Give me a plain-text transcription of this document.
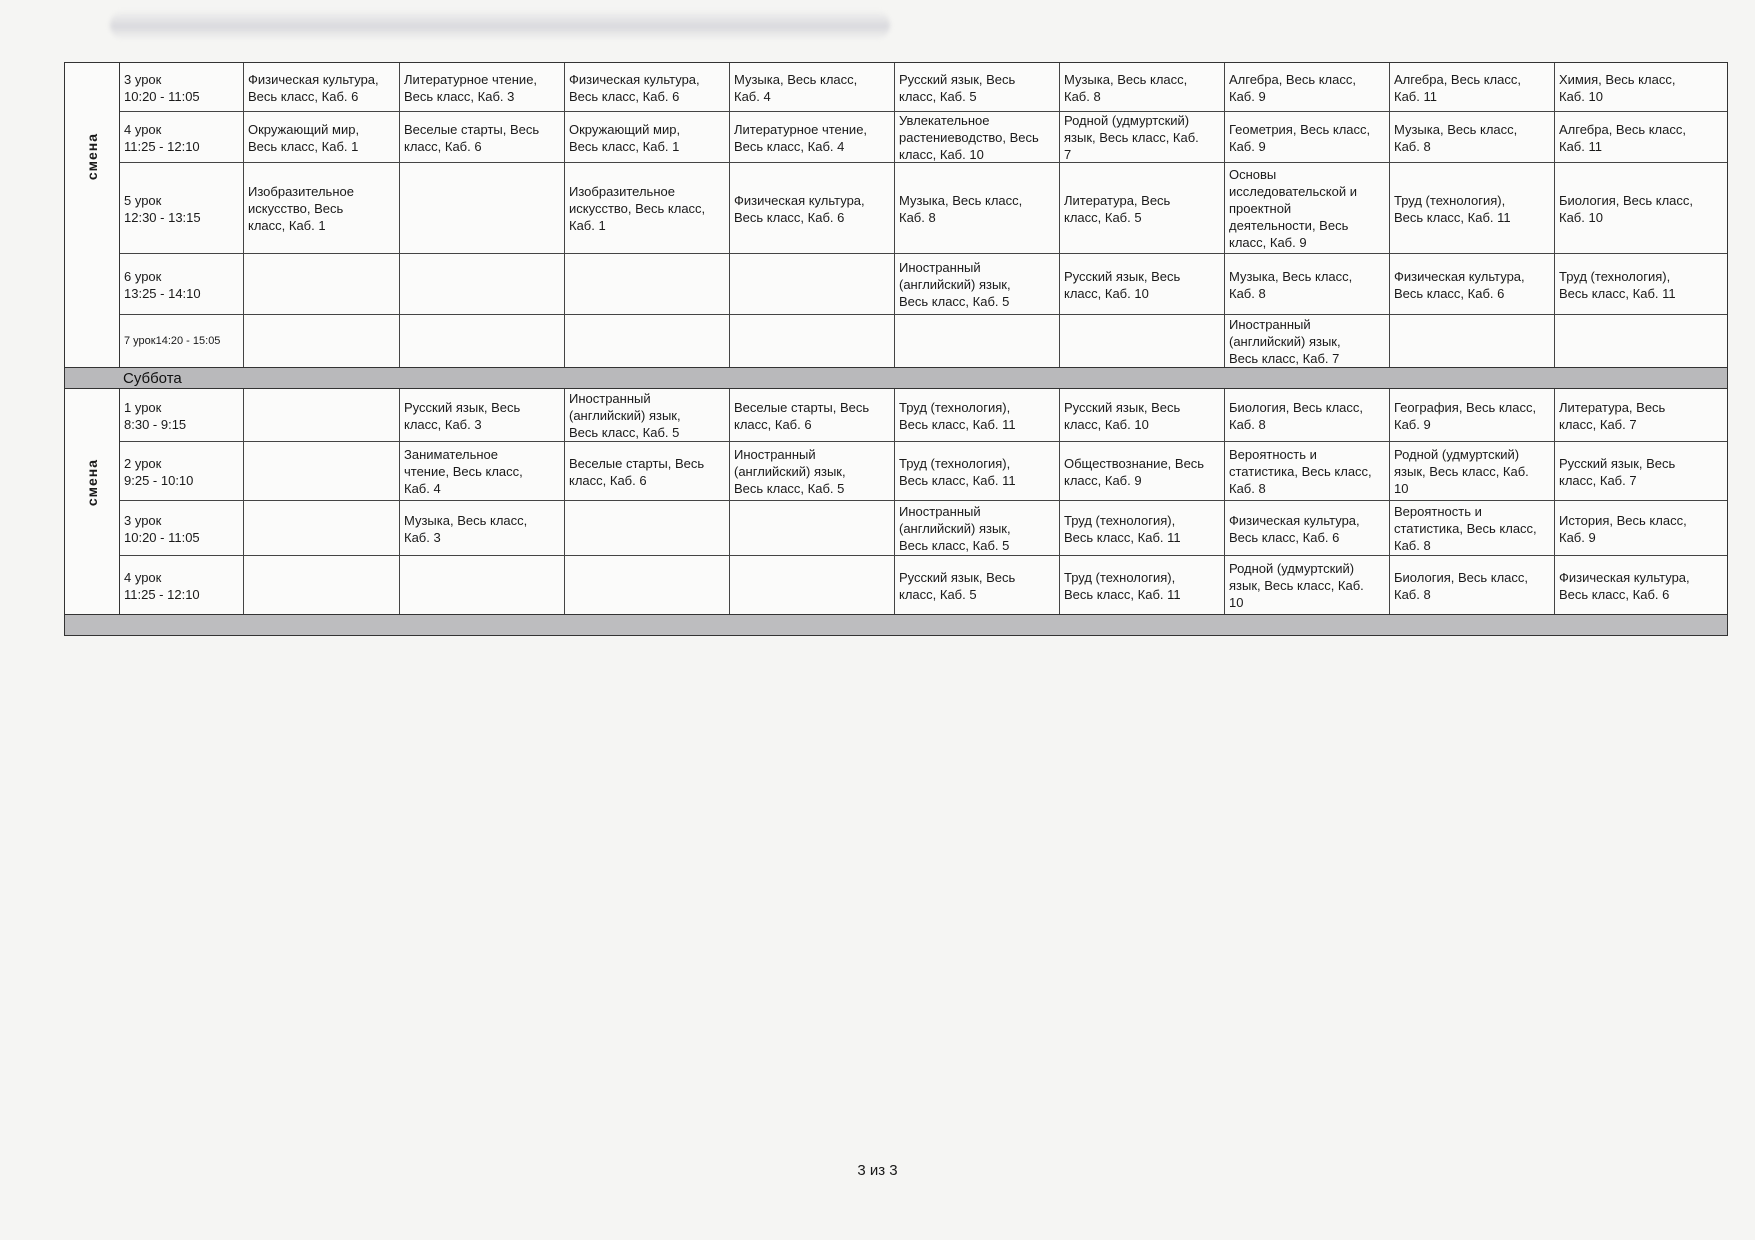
смена
3 урок
10:20 - 11:05
Физическая культура,
Весь класс, Каб. 6
Литературное чтение,
Весь класс, Каб. 3
Физическая культура,
Весь класс, Каб. 6
Музыка, Весь класс,
Каб. 4
Русский язык, Весь
класс, Каб. 5
Музыка, Весь класс,
Каб. 8
Алгебра, Весь класс,
Каб. 9
Алгебра, Весь класс,
Каб. 11
Химия, Весь класс,
Каб. 10
4 урок
11:25 - 12:10
Окружающий мир,
Весь класс, Каб. 1
Веселые старты, Весь
класс, Каб. 6
Окружающий мир,
Весь класс, Каб. 1
Литературное чтение,
Весь класс, Каб. 4
Увлекательное
растениеводство, Весь
класс, Каб. 10
Родной (удмуртский)
язык, Весь класс, Каб.
7
Геометрия, Весь класс,
Каб. 9
Музыка, Весь класс,
Каб. 8
Алгебра, Весь класс,
Каб. 11
5 урок
12:30 - 13:15
Изобразительное
искусство, Весь
класс, Каб. 1
Изобразительное
искусство, Весь класс,
Каб. 1
Физическая культура,
Весь класс, Каб. 6
Музыка, Весь класс,
Каб. 8
Литература, Весь
класс, Каб. 5
Основы
исследовательской и
проектной
деятельности, Весь
класс, Каб. 9
Труд (технология),
Весь класс, Каб. 11
Биология, Весь класс,
Каб. 10
6 урок
13:25 - 14:10
Иностранный
(английский) язык,
Весь класс, Каб. 5
Русский язык, Весь
класс, Каб. 10
Музыка, Весь класс,
Каб. 8
Физическая культура,
Весь класс, Каб. 6
Труд (технология),
Весь класс, Каб. 11
7 урок14:20 - 15:05
Иностранный
(английский) язык,
Весь класс, Каб. 7
Суббота
смена
1 урок
8:30 - 9:15
Русский язык, Весь
класс, Каб. 3
Иностранный
(английский) язык,
Весь класс, Каб. 5
Веселые старты, Весь
класс, Каб. 6
Труд (технология),
Весь класс, Каб. 11
Русский язык, Весь
класс, Каб. 10
Биология, Весь класс,
Каб. 8
География, Весь класс,
Каб. 9
Литература, Весь
класс, Каб. 7
2 урок
9:25 - 10:10
Занимательное
чтение, Весь класс,
Каб. 4
Веселые старты, Весь
класс, Каб. 6
Иностранный
(английский) язык,
Весь класс, Каб. 5
Труд (технология),
Весь класс, Каб. 11
Обществознание, Весь
класс, Каб. 9
Вероятность и
статистика, Весь класс,
Каб. 8
Родной (удмуртский)
язык, Весь класс, Каб.
10
Русский язык, Весь
класс, Каб. 7
3 урок
10:20 - 11:05
Музыка, Весь класс,
Каб. 3
Иностранный
(английский) язык,
Весь класс, Каб. 5
Труд (технология),
Весь класс, Каб. 11
Физическая культура,
Весь класс, Каб. 6
Вероятность и
статистика, Весь класс,
Каб. 8
История, Весь класс,
Каб. 9
4 урок
11:25 - 12:10
Русский язык, Весь
класс, Каб. 5
Труд (технология),
Весь класс, Каб. 11
Родной (удмуртский)
язык, Весь класс, Каб.
10
Биология, Весь класс,
Каб. 8
Физическая культура,
Весь класс, Каб. 6
3 из 3
